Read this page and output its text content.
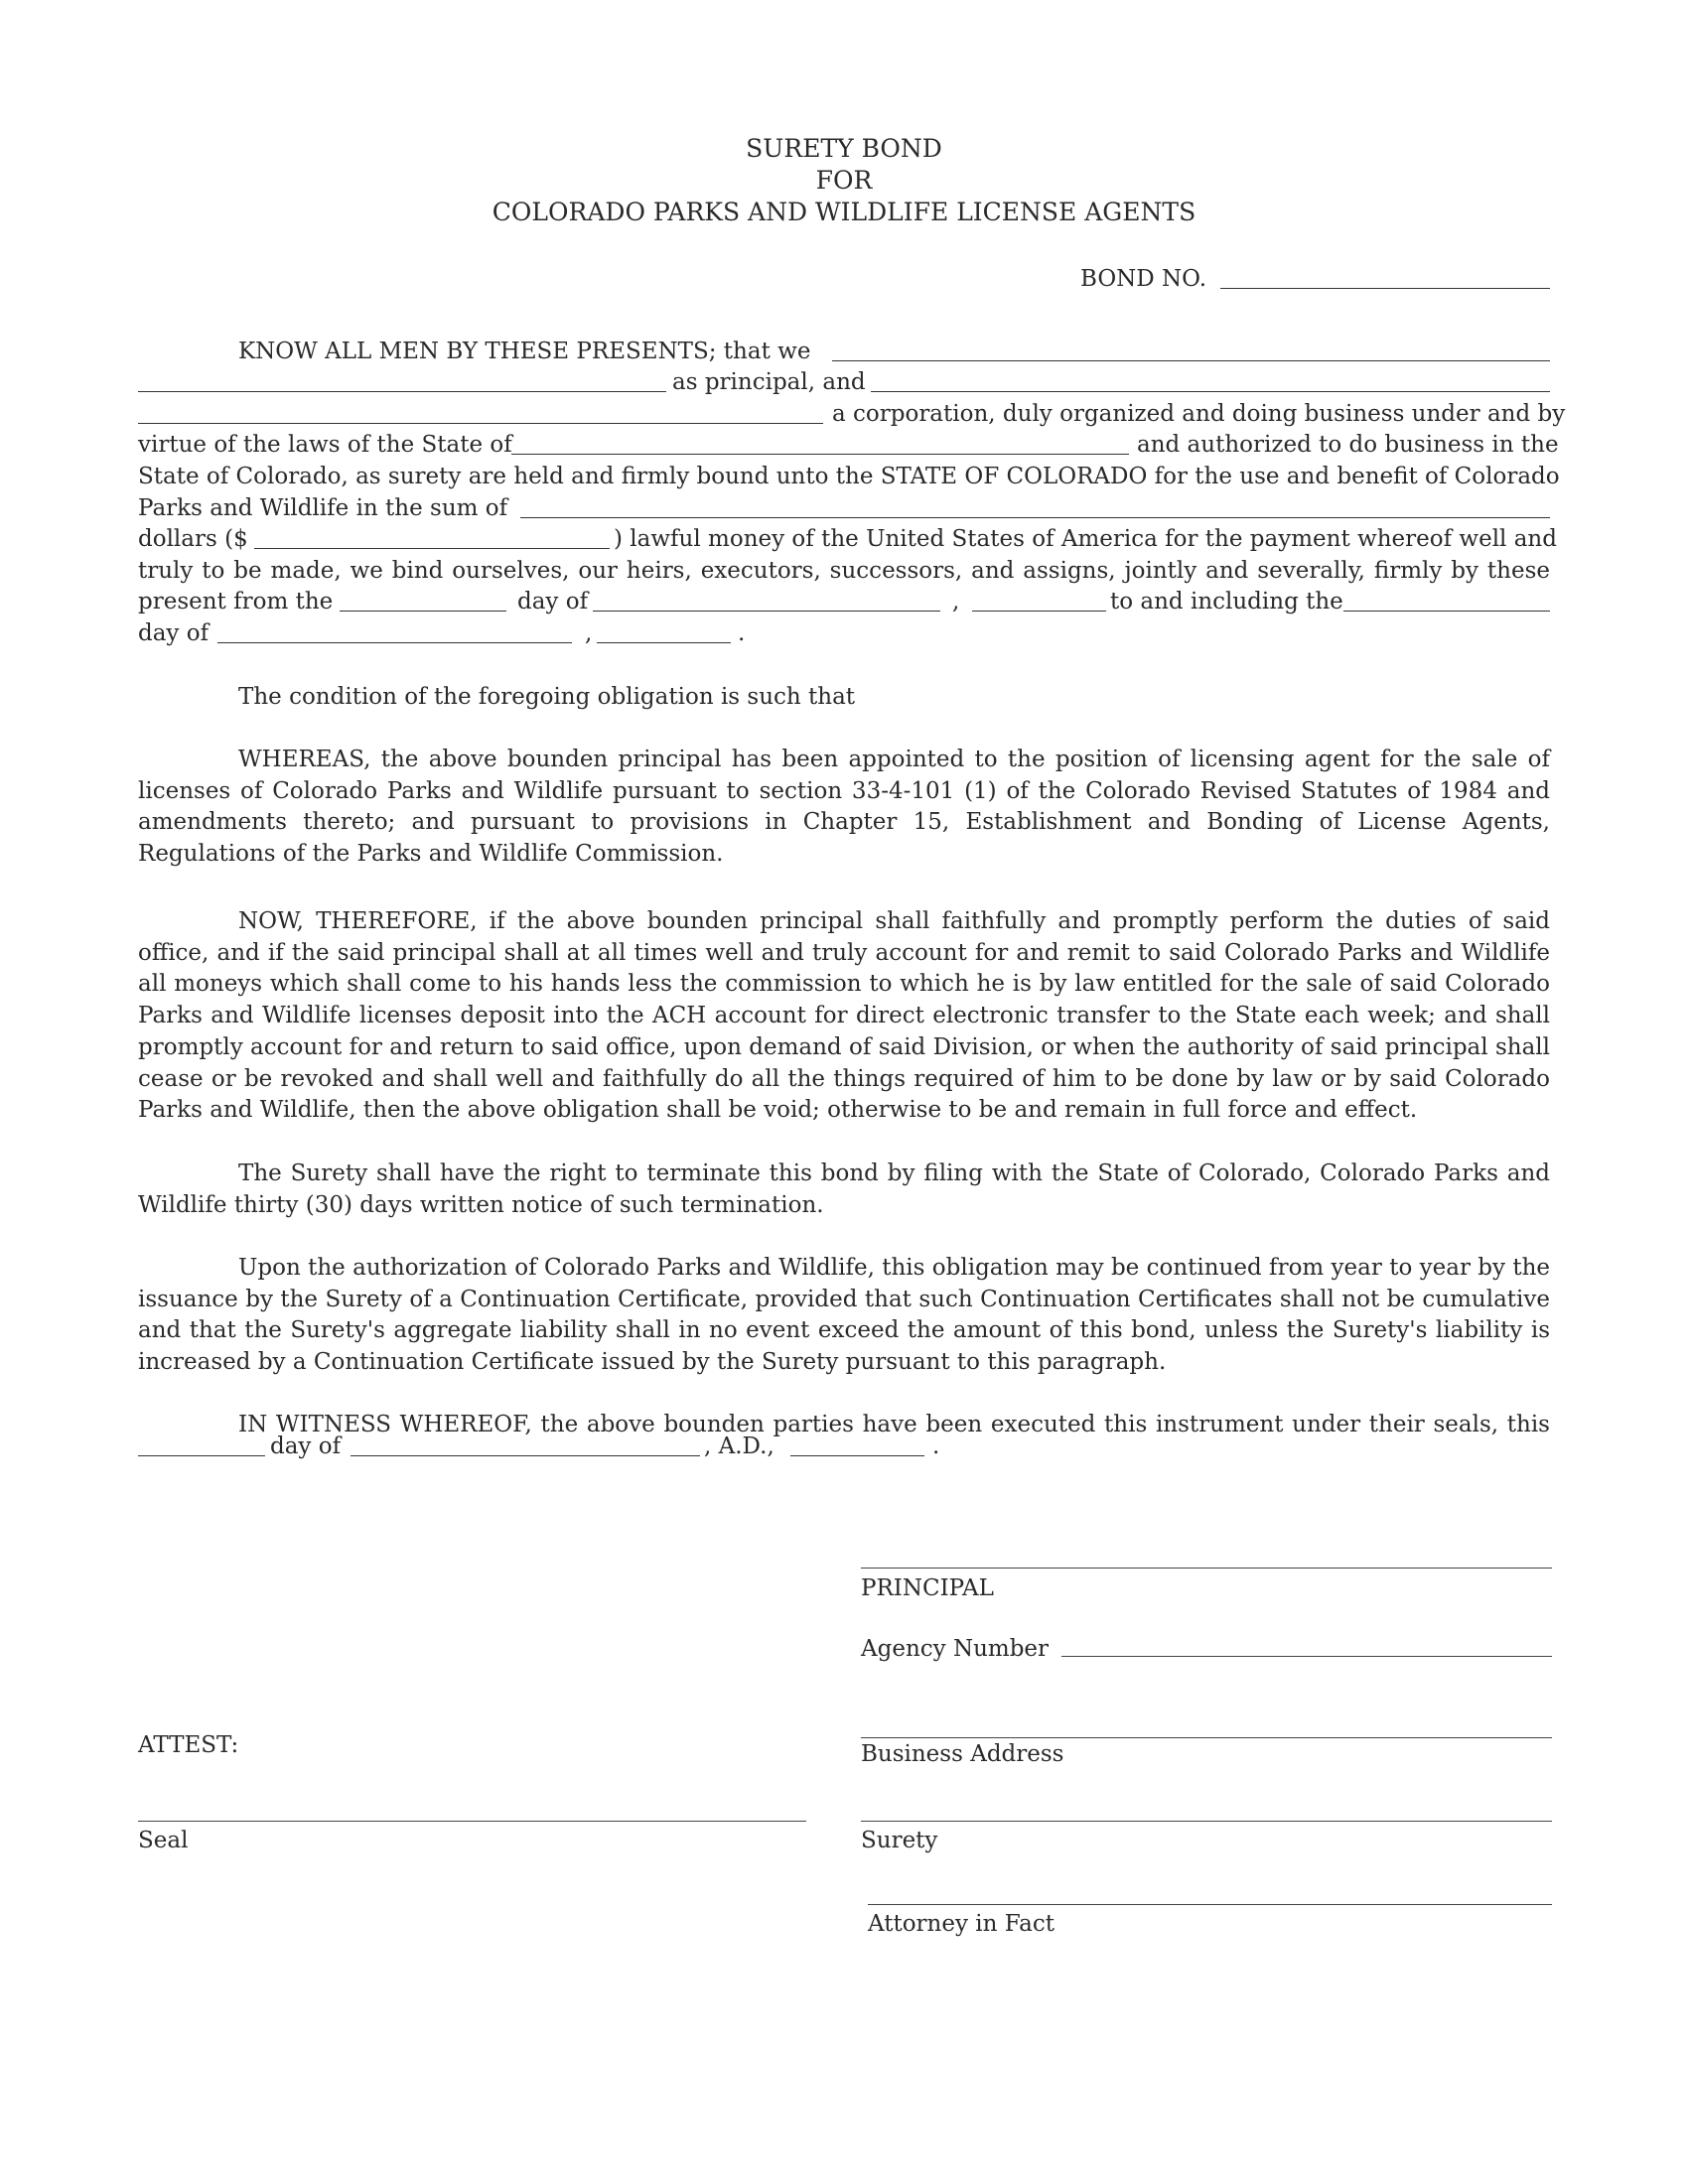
SURETY BOND
FOR
COLORADO PARKS AND WILDLIFE LICENSE AGENTS
BOND NO.
KNOW ALL MEN BY THESE PRESENTS; that we
as principal, and
a corporation, duly organized and doing business under and by
virtue of the laws of the State of	and authorized to do business in the
State of Colorado, as surety are held and firmly bound unto the STATE OF COLORADO for the use and benefit of Colorado
Parks and Wildlife in the sum of
dollars ($	) lawful money of the United States of America for the payment whereof well and
truly to be made, we bind ourselves, our heirs, executors, successors, and assigns, jointly and severally, firmly by these
present from the	day of	,	to and including the
day of	,	.
The condition of the foregoing obligation is such that
WHEREAS, the above bounden principal has been appointed to the position of licensing agent for the sale of licenses of Colorado Parks and Wildlife pursuant to section 33-4-101 (1) of the Colorado Revised Statutes of 1984 and amendments thereto; and pursuant to provisions in Chapter 15, Establishment and Bonding of License Agents, Regulations of the Parks and Wildlife Commission.
NOW, THEREFORE, if the above bounden principal shall faithfully and promptly perform the duties of said office, and if the said principal shall at all times well and truly account for and remit to said Colorado Parks and Wildlife all moneys which shall come to his hands less the commission to which he is by law entitled for the sale of said Colorado Parks and Wildlife licenses deposit into the ACH account for direct electronic transfer to the State each week; and shall promptly account for and return to said office, upon demand of said Division, or when the authority of said principal shall cease or be revoked and shall well and faithfully do all the things required of him to be done by law or by said Colorado Parks and Wildlife, then the above obligation shall be void; otherwise to be and remain in full force and effect.
The Surety shall have the right to terminate this bond by filing with the State of Colorado, Colorado Parks and Wildlife thirty (30) days written notice of such termination.
Upon the authorization of Colorado Parks and Wildlife, this obligation may be continued from year to year by the issuance by the Surety of a Continuation Certificate, provided that such Continuation Certificates shall not be cumulative and that the Surety's aggregate liability shall in no event exceed the amount of this bond, unless the Surety's liability is increased by a Continuation Certificate issued by the Surety pursuant to this paragraph.
IN WITNESS WHEREOF, the above bounden parties have been executed this instrument under their seals, this
day of	, A.D.,	.
PRINCIPAL
Agency Number
ATTEST:	Business Address
Seal	Surety
Attorney in Fact
